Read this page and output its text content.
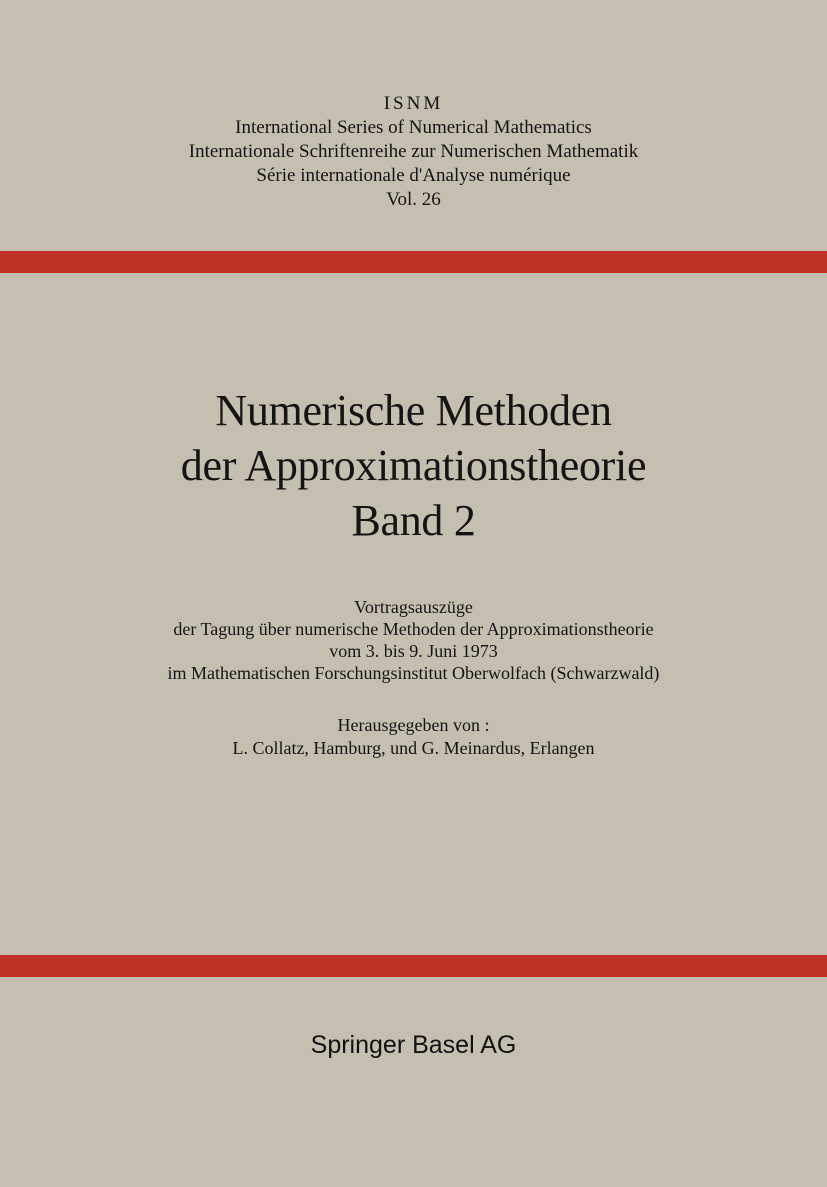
ISNM
International Series of Numerical Mathematics
Internationale Schriftenreihe zur Numerischen Mathematik
Série internationale d'Analyse numérique
Vol. 26
Numerische Methoden
der Approximationstheorie
Band 2
Vortragsauszüge
der Tagung über numerische Methoden der Approximationstheorie
vom 3. bis 9. Juni 1973
im Mathematischen Forschungsinstitut Oberwolfach (Schwarzwald)
Herausgegeben von :
L. Collatz, Hamburg, und G. Meinardus, Erlangen
Springer Basel AG
